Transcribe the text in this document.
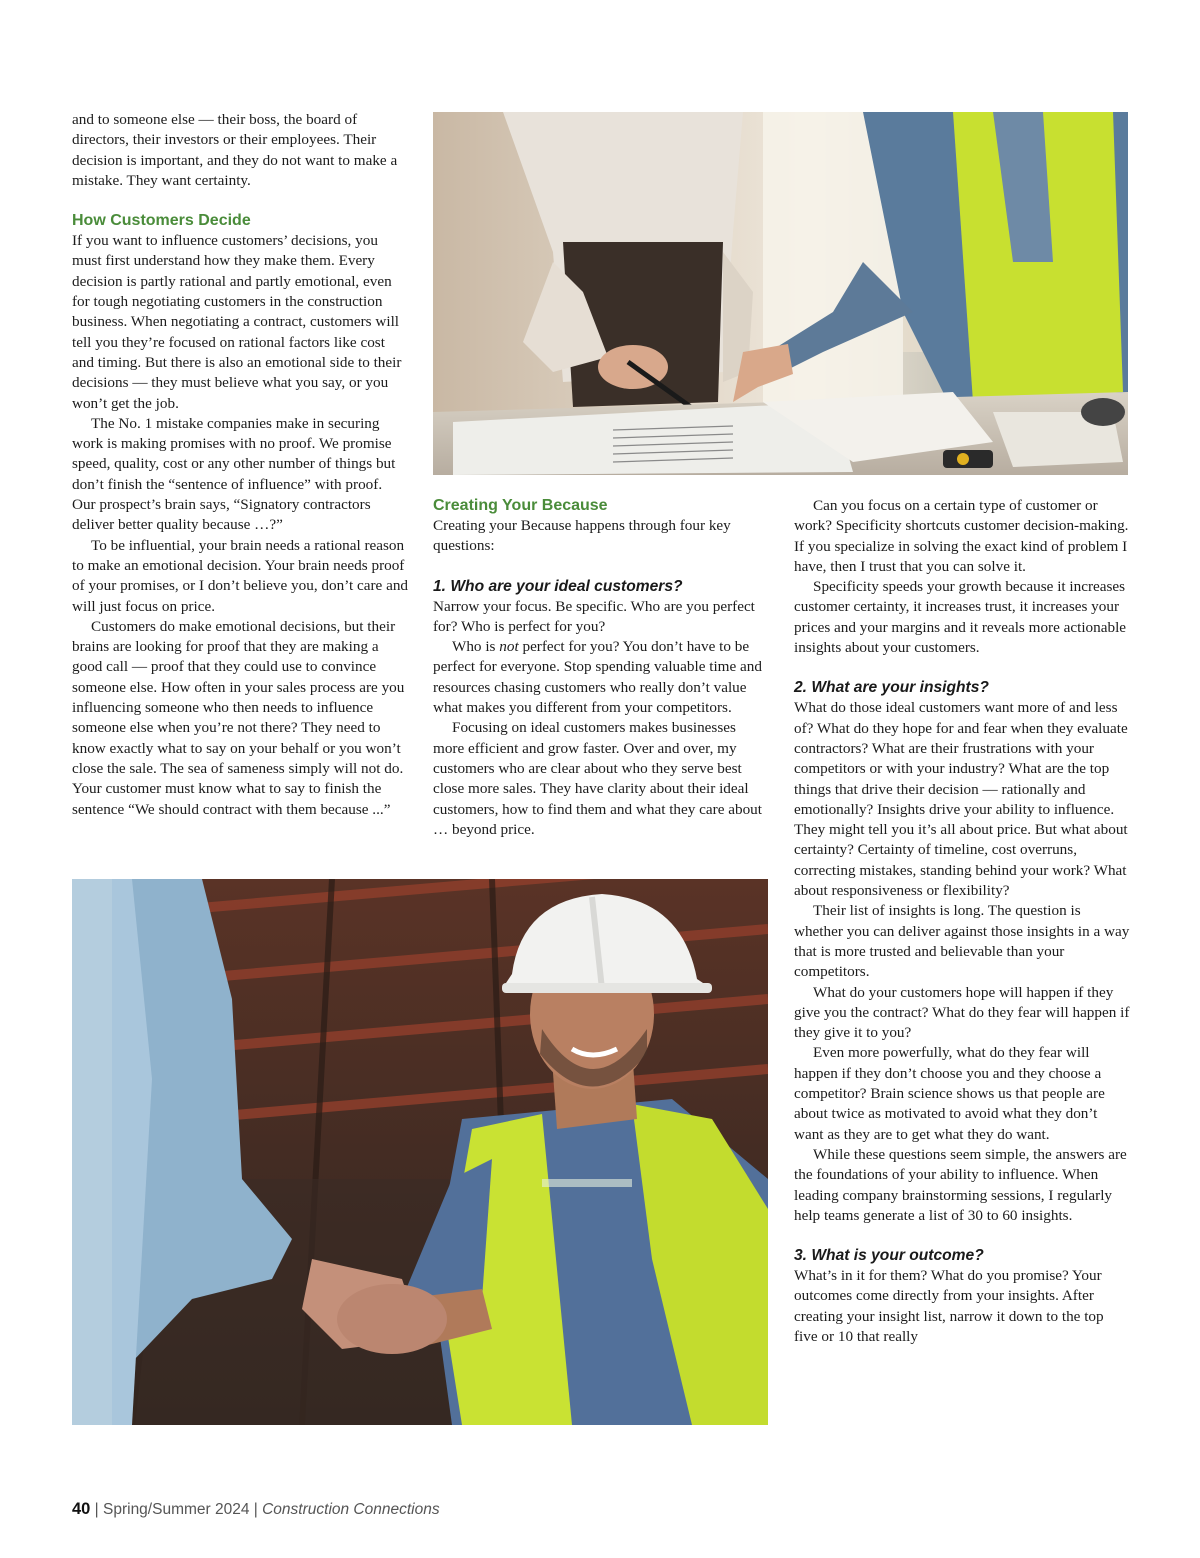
and to someone else — their boss, the board of directors, their investors or their employees. Their decision is important, and they do not want to make a mistake. They want certainty.

How Customers Decide

If you want to influence customers’ decisions, you must first understand how they make them. Every decision is partly rational and partly emotional, even for tough negotiating customers in the construction business. When negotiating a contract, customers will tell you they’re focused on rational factors like cost and timing. But there is also an emotional side to their decisions — they must believe what you say, or you won’t get the job.

The No. 1 mistake companies make in securing work is making promises with no proof. We promise speed, quality, cost or any other number of things but don’t finish the “sentence of influence” with proof. Our prospect’s brain says, “Signatory contractors deliver better quality because …?”

To be influential, your brain needs a rational reason to make an emotional decision. Your brain needs proof of your promises, or I don’t believe you, don’t care and will just focus on price.

Customers do make emotional decisions, but their brains are looking for proof that they are making a good call — proof that they could use to convince someone else. How often in your sales process are you influencing someone who then needs to influence someone else when you’re not there? They need to know exactly what to say on your behalf or you won’t close the sale. The sea of sameness simply will not do. Your customer must know what to say to finish the sentence “We should contract with them because ...”

Creating Your Because

Creating your Because happens through four key questions:

1. Who are your ideal customers?

Narrow your focus. Be specific. Who are you perfect for? Who is perfect for you?

Who is not perfect for you? You don’t have to be perfect for everyone. Stop spending valuable time and resources chasing customers who really don’t value what makes you different from your competitors.

Focusing on ideal customers makes businesses more efficient and grow faster. Over and over, my customers who are clear about who they serve best close more sales. They have clarity about their ideal customers, how to find them and what they care about … beyond price.

Can you focus on a certain type of customer or work? Specificity shortcuts customer decision-making. If you specialize in solving the exact kind of problem I have, then I trust that you can solve it.

Specificity speeds your growth because it increases customer certainty, it increases trust, it increases your prices and your margins and it reveals more actionable insights about your customers.

2. What are your insights?

What do those ideal customers want more of and less of? What do they hope for and fear when they evaluate contractors? What are their frustrations with your competitors or with your industry? What are the top things that drive their decision — rationally and emotionally? Insights drive your ability to influence. They might tell you it’s all about price. But what about certainty? Certainty of timeline, cost overruns, correcting mistakes, standing behind your work? What about responsiveness or flexibility?

Their list of insights is long. The question is whether you can deliver against those insights in a way that is more trusted and believable than your competitors.

What do your customers hope will happen if they give you the contract? What do they fear will happen if they give it to you?

Even more powerfully, what do they fear will happen if they don’t choose you and they choose a competitor? Brain science shows us that people are about twice as motivated to avoid what they don’t want as they are to get what they do want.

While these questions seem simple, the answers are the foundations of your ability to influence. When leading company brainstorming sessions, I regularly help teams generate a list of 30 to 60 insights.

3. What is your outcome?

What’s in it for them? What do you promise? Your outcomes come directly from your insights. After creating your insight list, narrow it down to the top five or 10 that really

40 | Spring/Summer 2024 | Construction Connections
